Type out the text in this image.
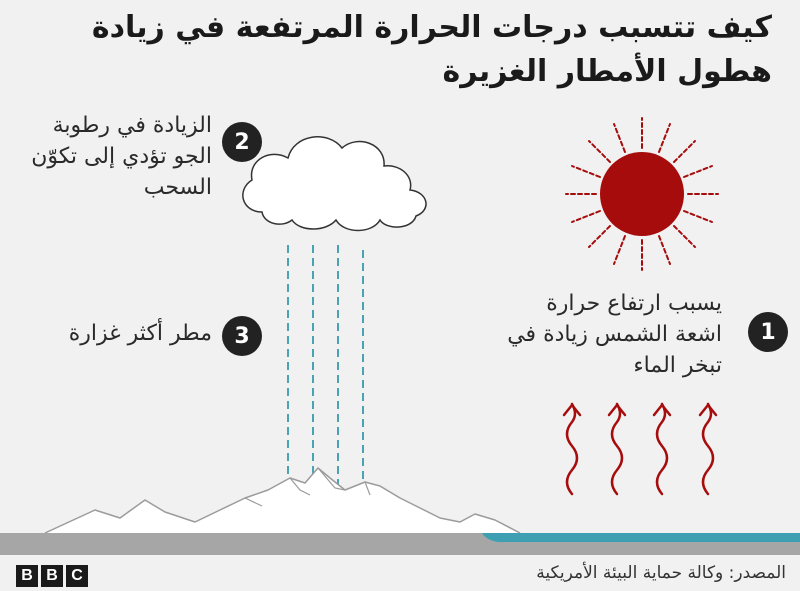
كيف تتسبب درجات الحرارة المرتفعة في زيادة هطول الأمطار الغزيرة
الزيادة في رطوبة الجو تؤدي إلى تكوّن السحب
2
مطر أكثر غزارة	3
يسبب ارتفاع حرارة اشعة الشمس زيادة في تبخر الماء
1
B B C	المصدر: وكالة حماية البيئة الأمريكية
